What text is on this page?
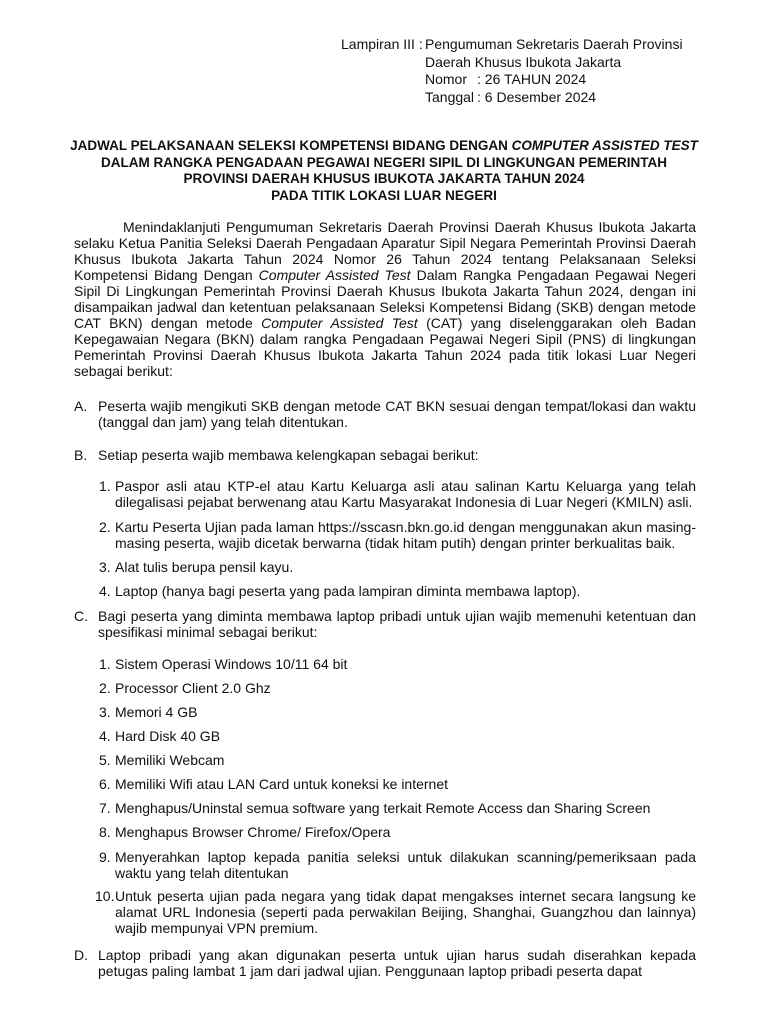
Lampiran III : Pengumuman Sekretaris Daerah Provinsi
Daerah Khusus Ibukota Jakarta
Nomor : 26 TAHUN 2024
Tanggal : 6 Desember 2024
JADWAL PELAKSANAAN SELEKSI KOMPETENSI BIDANG DENGAN COMPUTER ASSISTED TEST
DALAM RANGKA PENGADAAN PEGAWAI NEGERI SIPIL DI LINGKUNGAN PEMERINTAH
PROVINSI DAERAH KHUSUS IBUKOTA JAKARTA TAHUN 2024
PADA TITIK LOKASI LUAR NEGERI

Menindaklanjuti Pengumuman Sekretaris Daerah Provinsi Daerah Khusus Ibukota Jakarta selaku Ketua Panitia Seleksi Daerah Pengadaan Aparatur Sipil Negara Pemerintah Provinsi Daerah Khusus Ibukota Jakarta Tahun 2024 Nomor 26 Tahun 2024 tentang Pelaksanaan Seleksi Kompetensi Bidang Dengan Computer Assisted Test Dalam Rangka Pengadaan Pegawai Negeri Sipil Di Lingkungan Pemerintah Provinsi Daerah Khusus Ibukota Jakarta Tahun 2024, dengan ini disampaikan jadwal dan ketentuan pelaksanaan Seleksi Kompetensi Bidang (SKB) dengan metode CAT BKN) dengan metode Computer Assisted Test (CAT) yang diselenggarakan oleh Badan Kepegawaian Negara (BKN) dalam rangka Pengadaan Pegawai Negeri Sipil (PNS) di lingkungan Pemerintah Provinsi Daerah Khusus Ibukota Jakarta Tahun 2024 pada titik lokasi Luar Negeri sebagai berikut:

A. Peserta wajib mengikuti SKB dengan metode CAT BKN sesuai dengan tempat/lokasi dan waktu (tanggal dan jam) yang telah ditentukan.
B. Setiap peserta wajib membawa kelengkapan sebagai berikut:
1. Paspor asli atau KTP-el atau Kartu Keluarga asli atau salinan Kartu Keluarga yang telah dilegalisasi pejabat berwenang atau Kartu Masyarakat Indonesia di Luar Negeri (KMILN) asli.
2. Kartu Peserta Ujian pada laman https://sscasn.bkn.go.id dengan menggunakan akun masing-masing peserta, wajib dicetak berwarna (tidak hitam putih) dengan printer berkualitas baik.
3. Alat tulis berupa pensil kayu.
4. Laptop (hanya bagi peserta yang pada lampiran diminta membawa laptop).
C. Bagi peserta yang diminta membawa laptop pribadi untuk ujian wajib memenuhi ketentuan dan spesifikasi minimal sebagai berikut:
1. Sistem Operasi Windows 10/11 64 bit
2. Processor Client 2.0 Ghz
3. Memori 4 GB
4. Hard Disk 40 GB
5. Memiliki Webcam
6. Memiliki Wifi atau LAN Card untuk koneksi ke internet
7. Menghapus/Uninstal semua software yang terkait Remote Access dan Sharing Screen
8. Menghapus Browser Chrome/ Firefox/Opera
9. Menyerahkan laptop kepada panitia seleksi untuk dilakukan scanning/pemeriksaan pada waktu yang telah ditentukan
10. Untuk peserta ujian pada negara yang tidak dapat mengakses internet secara langsung ke alamat URL Indonesia (seperti pada perwakilan Beijing, Shanghai, Guangzhou dan lainnya) wajib mempunyai VPN premium.
D. Laptop pribadi yang akan digunakan peserta untuk ujian harus sudah diserahkan kepada petugas paling lambat 1 jam dari jadwal ujian. Penggunaan laptop pribadi peserta dapat
